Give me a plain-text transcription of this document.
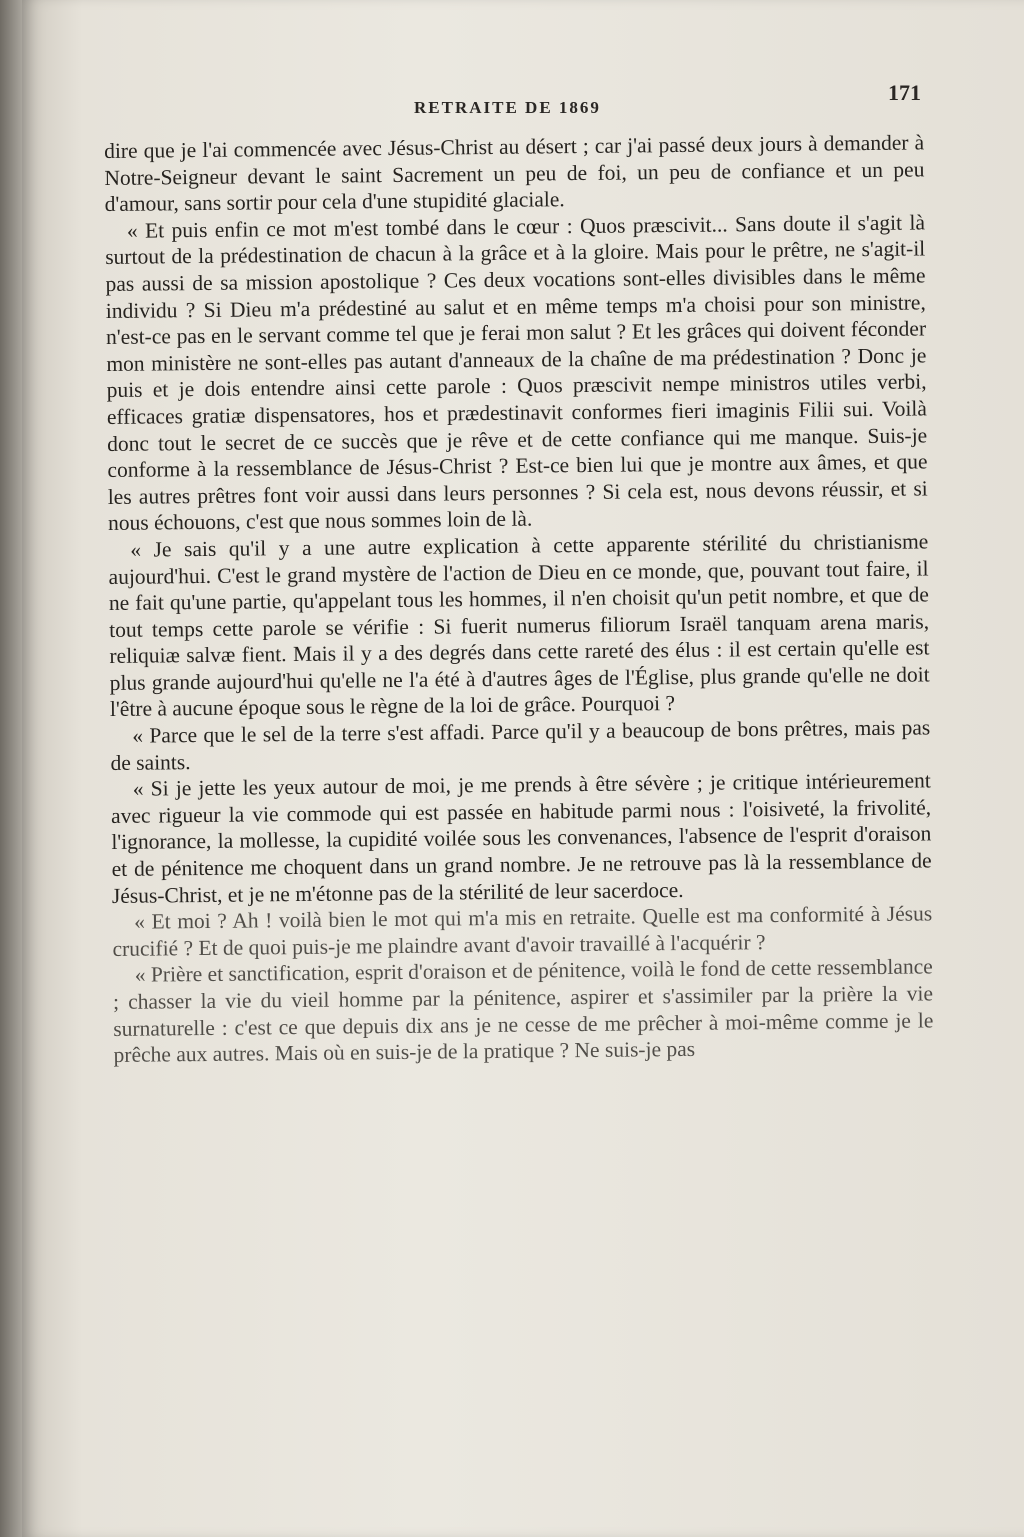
RETRAITE DE 1869
171

dire que je l'ai commencée avec Jésus-Christ au désert ; car j'ai passé deux jours à demander à Notre-Seigneur devant le saint Sacrement un peu de foi, un peu de confiance et un peu d'amour, sans sortir pour cela d'une stupidité glaciale.

« Et puis enfin ce mot m'est tombé dans le cœur : Quos præscivit... Sans doute il s'agit là surtout de la prédestination de chacun à la grâce et à la gloire. Mais pour le prêtre, ne s'agit-il pas aussi de sa mission apostolique ? Ces deux vocations sont-elles divisibles dans le même individu ? Si Dieu m'a prédestiné au salut et en même temps m'a choisi pour son ministre, n'est-ce pas en le servant comme tel que je ferai mon salut ? Et les grâces qui doivent féconder mon ministère ne sont-elles pas autant d'anneaux de la chaîne de ma prédestination ? Donc je puis et je dois entendre ainsi cette parole : Quos præscivit nempe ministros utiles verbi, efficaces gratiæ dispensatores, hos et prædestinavit conformes fieri imaginis Filii sui. Voilà donc tout le secret de ce succès que je rêve et de cette confiance qui me manque. Suis-je conforme à la ressemblance de Jésus-Christ ? Est-ce bien lui que je montre aux âmes, et que les autres prêtres font voir aussi dans leurs personnes ? Si cela est, nous devons réussir, et si nous échouons, c'est que nous sommes loin de là.

« Je sais qu'il y a une autre explication à cette apparente stérilité du christianisme aujourd'hui. C'est le grand mystère de l'action de Dieu en ce monde, que, pouvant tout faire, il ne fait qu'une partie, qu'appelant tous les hommes, il n'en choisit qu'un petit nombre, et que de tout temps cette parole se vérifie : Si fuerit numerus filiorum Israël tanquam arena maris, reliquiæ salvæ fient. Mais il y a des degrés dans cette rareté des élus : il est certain qu'elle est plus grande aujourd'hui qu'elle ne l'a été à d'autres âges de l'Église, plus grande qu'elle ne doit l'être à aucune époque sous le règne de la loi de grâce. Pourquoi ?

« Parce que le sel de la terre s'est affadi. Parce qu'il y a beaucoup de bons prêtres, mais pas de saints.

« Si je jette les yeux autour de moi, je me prends à être sévère ; je critique intérieurement avec rigueur la vie commode qui est passée en habitude parmi nous : l'oisiveté, la frivolité, l'ignorance, la mollesse, la cupidité voilée sous les convenances, l'absence de l'esprit d'oraison et de pénitence me choquent dans un grand nombre. Je ne retrouve pas là la ressemblance de Jésus-Christ, et je ne m'étonne pas de la stérilité de leur sacerdoce.

« Et moi ? Ah ! voilà bien le mot qui m'a mis en retraite. Quelle est ma conformité à Jésus crucifié ? Et de quoi puis-je me plaindre avant d'avoir travaillé à l'acquérir ?

« Prière et sanctification, esprit d'oraison et de pénitence, voilà le fond de cette ressemblance ; chasser la vie du vieil homme par la pénitence, aspirer et s'assimiler par la prière la vie surnaturelle : c'est ce que depuis dix ans je ne cesse de me prêcher à moi-même comme je le prêche aux autres. Mais où en suis-je de la pratique ? Ne suis-je pas
